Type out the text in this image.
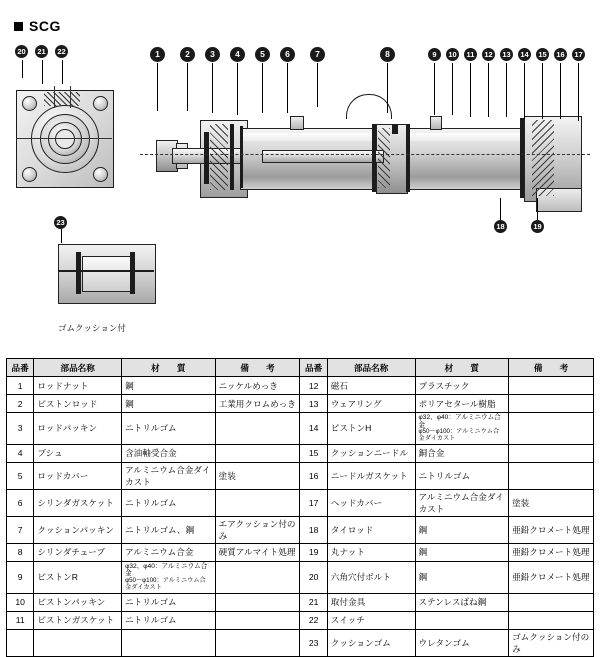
SCG
20	21	22
23
ゴムクッション付
1	2	3	4	5	6	7	8	9	10	11	12	13	14	15	16	17
18	19
品番	部品名称	材　　質	備　　考	品番	部品名称	材　　質	備　　考
1	ロッドナット	鋼	ニッケルめっき	12	磁石	プラスチック	
2	ピストンロッド	鋼	工業用クロムめっき	13	ウェアリング	ポリアセタール樹脂	
3	ロッドパッキン	ニトリルゴム		14	ピストンH	φ32、φ40：アルミニウム合金
φ50～φ100：アルミニウム合金ダイカスト	

4	ブシュ	含油軸受合金		15	クッションニードル	銅合金	
5	ロッドカバー	アルミニウム合金ダイカスト	塗装	16	ニードルガスケット	ニトリルゴム	
6	シリンダガスケット	ニトリルゴム		17	ヘッドカバー	アルミニウム合金ダイカスト	塗装
7	クッションパッキン	ニトリルゴム、鋼	エアクッション付のみ	18	タイロッド	鋼	亜鉛クロメート処理
8	シリンダチューブ	アルミニウム合金	硬質アルマイト処理	19	丸ナット	鋼	亜鉛クロメート処理
9	ピストンR	φ32、φ40：アルミニウム合金
φ50～φ100：アルミニウム合金ダイカスト		20	六角穴付ボルト	鋼	亜鉛クロメート処理
10	ピストンパッキン	ニトリルゴム		21	取付金具	ステンレスばね鋼	
11	ピストンガスケット	ニトリルゴム		22	スイッチ		
				23	クッションゴム	ウレタンゴム	ゴムクッション付のみ
